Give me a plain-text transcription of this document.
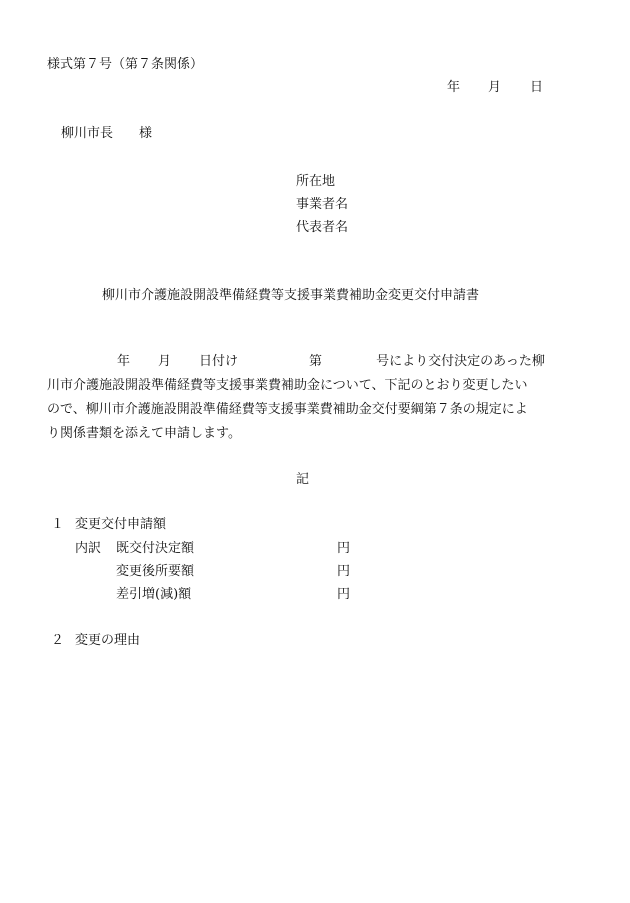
様式第７号（第７条関係）
年 月 日
柳川市長　　様
所在地
事業者名
代表者名
柳川市介護施設開設準備経費等支援事業費補助金変更交付申請書
年 月 日付け	第	号により交付決定のあった柳
川市介護施設開設準備経費等支援事業費補助金について、下記のとおり変更したい
ので、柳川市介護施設開設準備経費等支援事業費補助金交付要綱第７条の規定によ
り関係書類を添えて申請します。
記
１ 変更交付申請額
内訳 既交付決定額	円
変更後所要額	円
差引増(減)額	円
２ 変更の理由
